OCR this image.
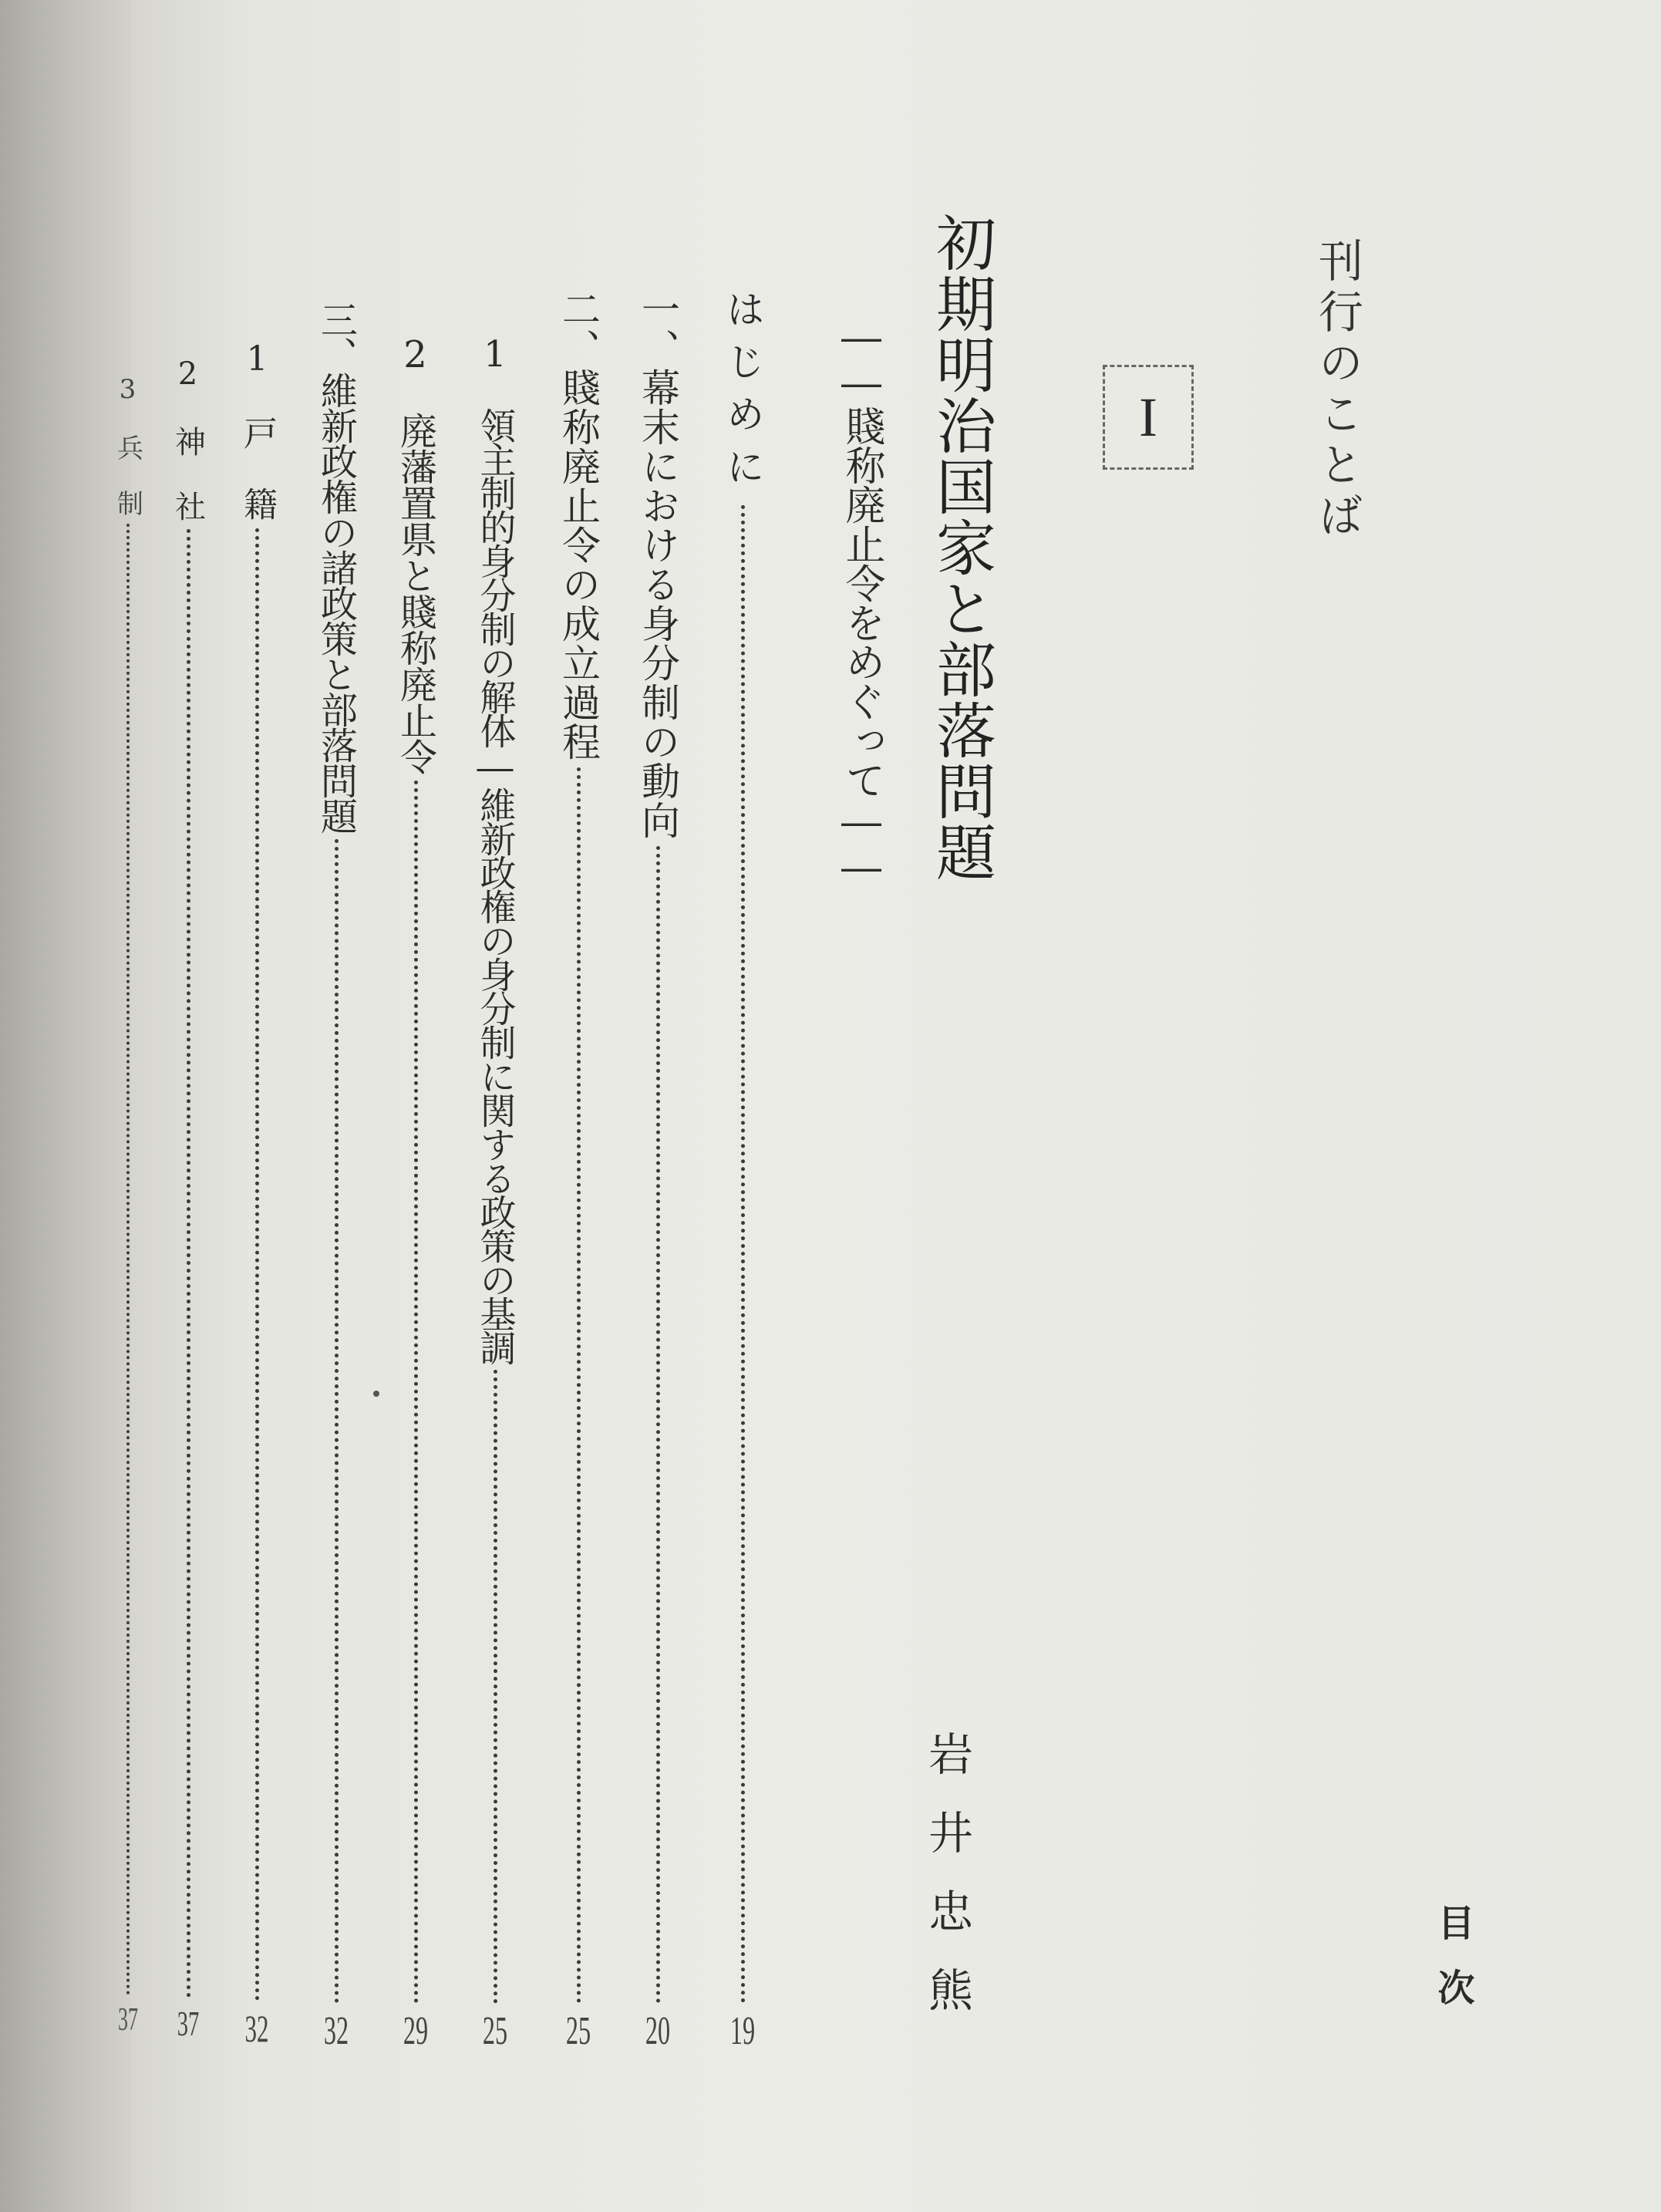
目次
刊行のことば
I
初期明治国家と部落問題
――賤称廃止令をめぐって――
岩井忠熊
はじめに
19
一、幕末における身分制の動向
20
二、賤称廃止令の成立過程
25
1　領主制的身分制の解体―維新政権の身分制に関する政策の基調
25
2　廃藩置県と賤称廃止令
29
三、維新政権の諸政策と部落問題
32
1　戸　籍
32
2　神　社
37
3　兵　制
37
